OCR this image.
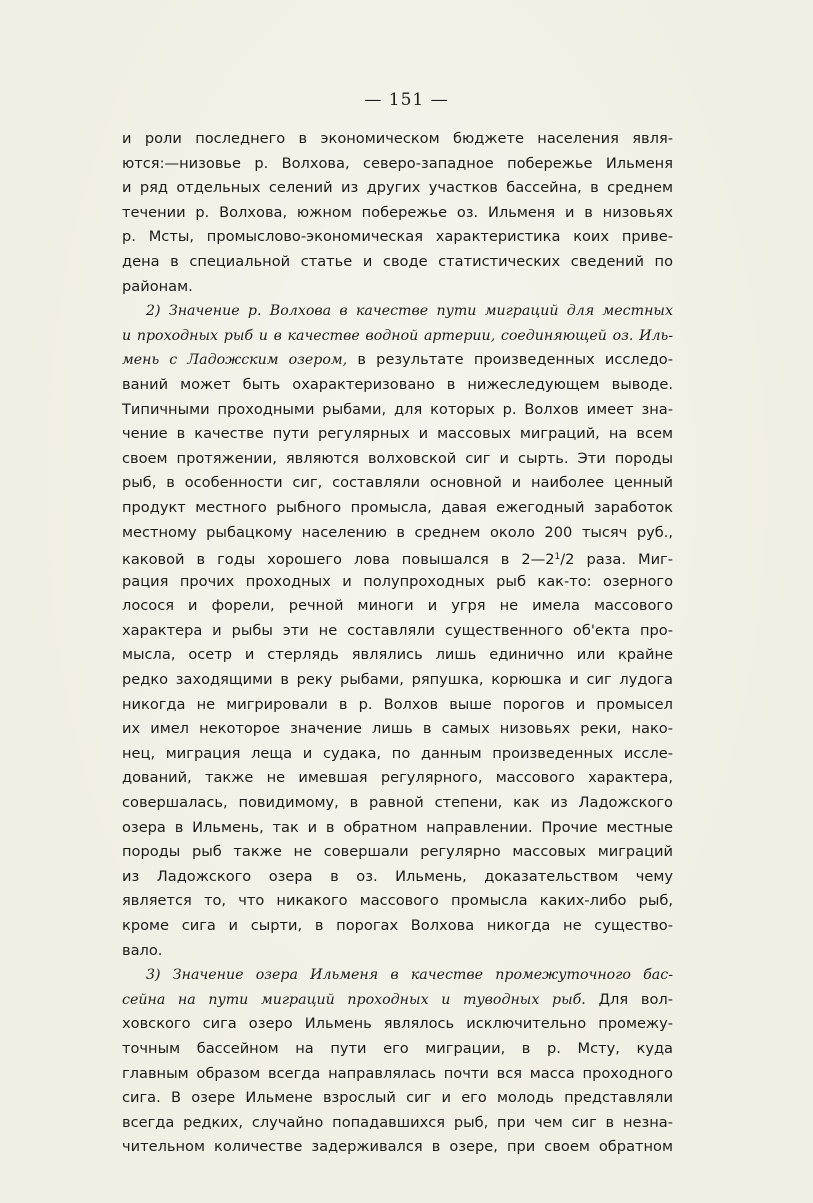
— 151 —
и роли последнего в экономическом бюджете населения явля-
ются:—низовье р. Волхова, северо-западное побережье Ильменя
и ряд отдельных селений из других участков бассейна, в среднем
течении р. Волхова, южном побережье оз. Ильменя и в низовьях
р. Мсты, промыслово-экономическая характеристика коих приве-
дена в специальной статье и своде статистических сведений по
районам.
2) Значение р. Волхова в качестве пути миграций для местных
и проходных рыб и в качестве водной артерии, соединяющей оз. Иль-
мень с Ладожским озером, в результате произведенных исследо-
ваний может быть охарактеризовано в нижеследующем выводе.
Типичными проходными рыбами, для которых р. Волхов имеет зна-
чение в качестве пути регулярных и массовых миграций, на всем
своем протяжении, являются волховской сиг и сырть. Эти породы
рыб, в особенности сиг, составляли основной и наиболее ценный
продукт местного рыбного промысла, давая ежегодный заработок
местному рыбацкому населению в среднем около 200 тысяч руб.,
каковой в годы хорошего лова повышался в $2—2^1/2$ раза. Миг-
рация прочих проходных и полупроходных рыб как-то: озерного
лосося и форели, речной миноги и угря не имела массового
характера и рыбы эти не составляли существенного об'екта про-
мысла, осетр и стерлядь являлись лишь единично или крайне
редко заходящими в реку рыбами, ряпушка, корюшка и сиг лудога
никогда не мигрировали в р. Волхов выше порогов и промысел
их имел некоторое значение лишь в самых низовьях реки, нако-
нец, миграция леща и судака, по данным произведенных иссле-
дований, также не имевшая регулярного, массового характера,
совершалась, повидимому, в равной степени, как из Ладожского
озера в Ильмень, так и в обратном направлении. Прочие местные
породы рыб также не совершали регулярно массовых миграций
из Ладожского озера в оз. Ильмень, доказательством чему
является то, что никакого массового промысла каких-либо рыб,
кроме сига и сырти, в порогах Волхова никогда не существо-
вало.
3) Значение озера Ильменя в качестве промежуточного бас-
сейна на пути миграций проходных и туводных рыб. Для вол-
ховского сига озеро Ильмень являлось исключительно промежу-
точным бассейном на пути его миграции, в р. Мсту, куда
главным образом всегда направлялась почти вся масса проходного
сига. В озере Ильмене взрослый сиг и его молодь представляли
всегда редких, случайно попадавшихся рыб, при чем сиг в незна-
чительном количестве задерживался в озере, при своем обратном
